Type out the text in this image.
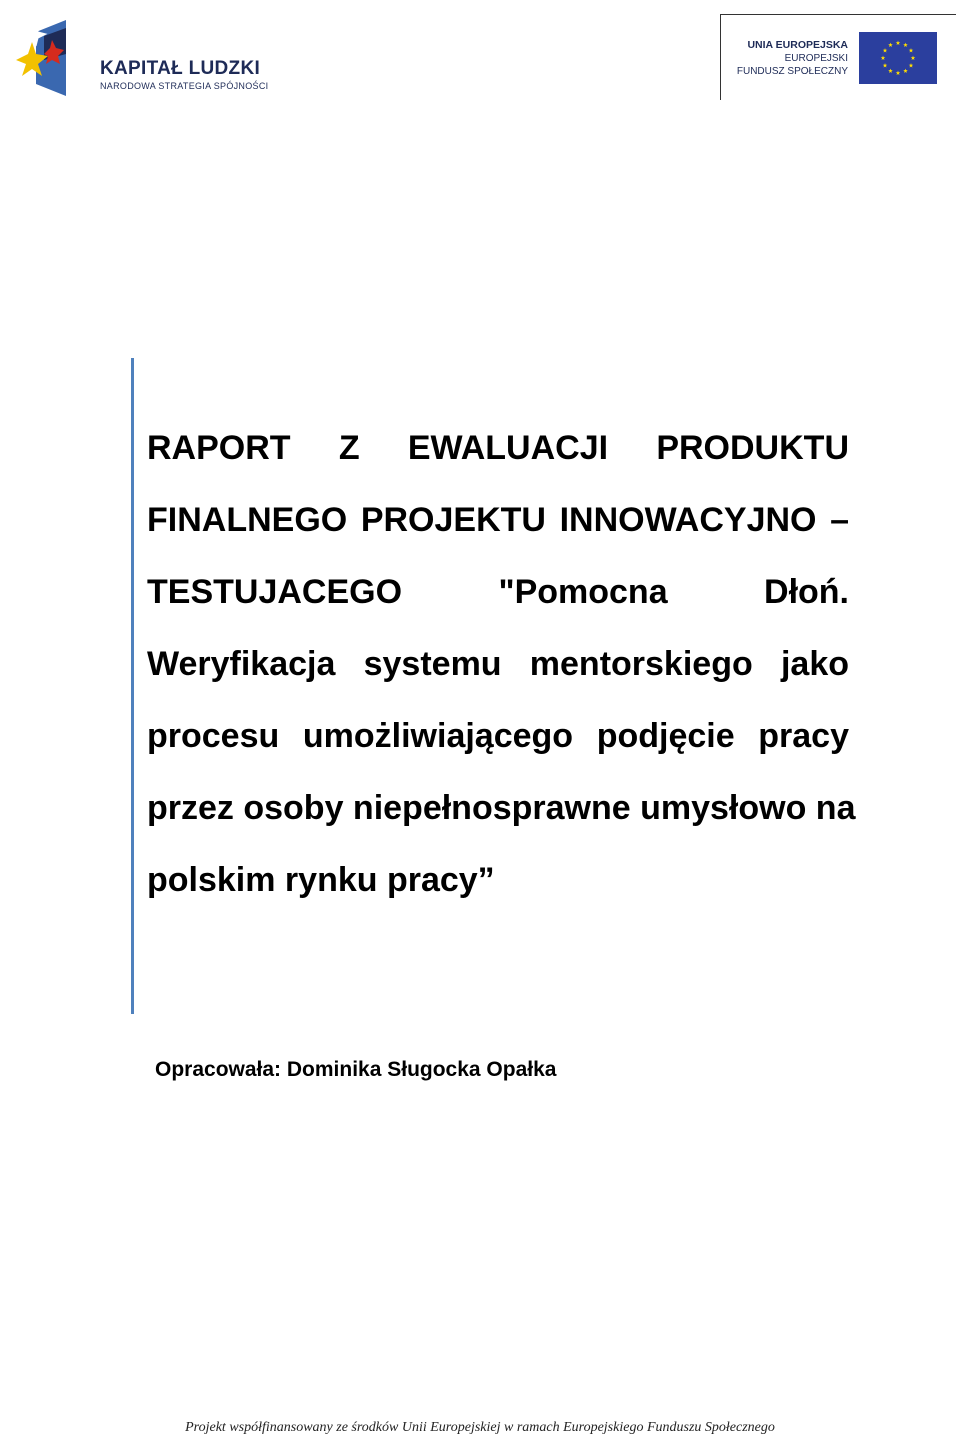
KAPITAŁ LUDZKI
NARODOWA STRATEGIA SPÓJNOŚCI
UNIA EUROPEJSKA
EUROPEJSKI
FUNDUSZ SPOŁECZNY
RAPORT Z EWALUACJI PRODUKTU
FINALNEGO PROJEKTU INNOWACYJNO –
TESTUJACEGO "Pomocna Dłoń.
Weryfikacja systemu mentorskiego jako
procesu umożliwiającego podjęcie pracy
przez osoby niepełnosprawne umysłowo na
polskim rynku pracy”
Opracowała: Dominika Sługocka Opałka
Projekt współfinansowany ze środków Unii Europejskiej w ramach Europejskiego Funduszu Społecznego
